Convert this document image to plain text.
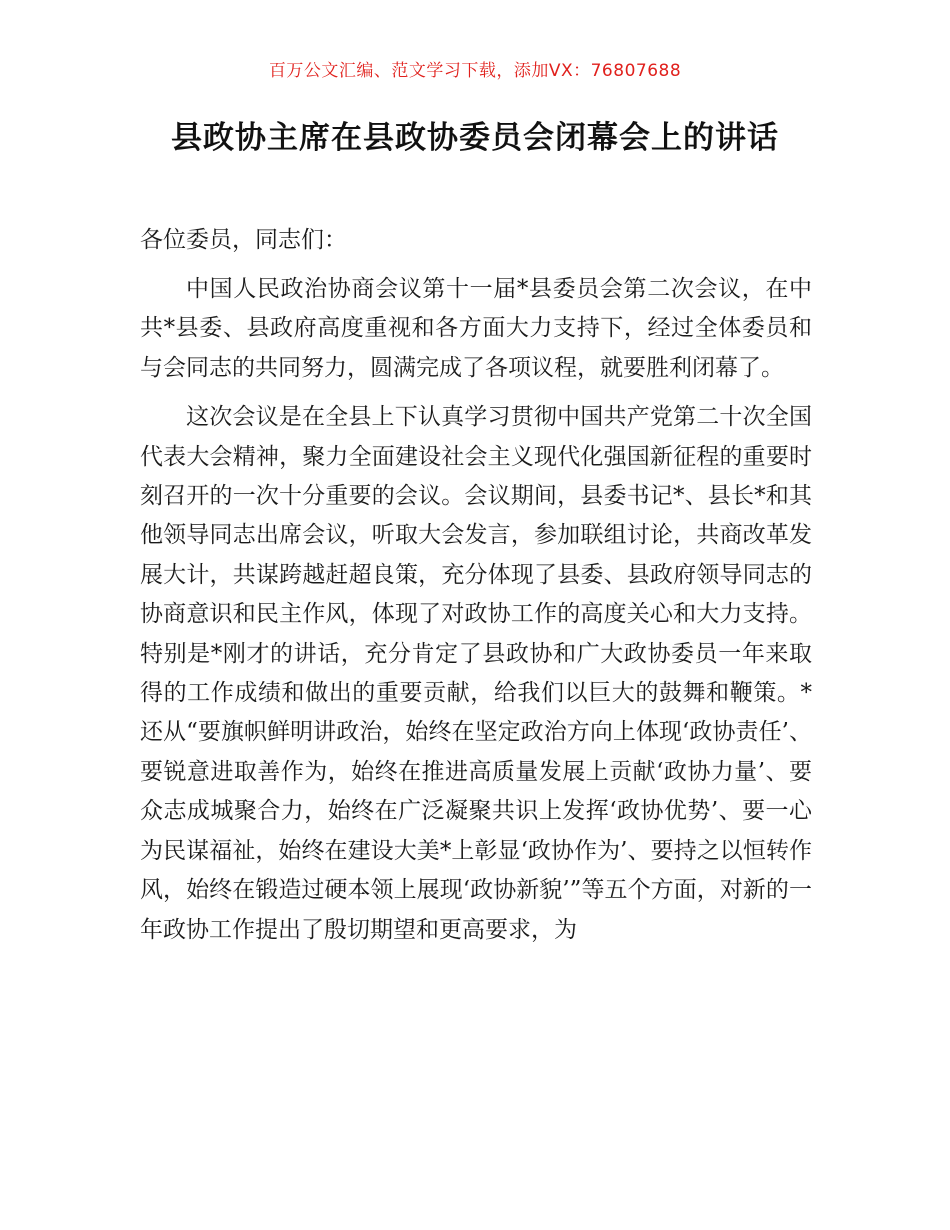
百万公文汇编、范文学习下载，添加VX：76807688
县政协主席在县政协委员会闭幕会上的讲话

各位委员，同志们：

中国人民政治协商会议第十一届*县委员会第二次会议，在中共*县委、县政府高度重视和各方面大力支持下，经过全体委员和与会同志的共同努力，圆满完成了各项议程，就要胜利闭幕了。

这次会议是在全县上下认真学习贯彻中国共产党第二十次全国代表大会精神，聚力全面建设社会主义现代化强国新征程的重要时刻召开的一次十分重要的会议。会议期间，县委书记*、县长*和其他领导同志出席会议，听取大会发言，参加联组讨论，共商改革发展大计，共谋跨越赶超良策，充分体现了县委、县政府领导同志的协商意识和民主作风，体现了对政协工作的高度关心和大力支持。特别是*刚才的讲话，充分肯定了县政协和广大政协委员一年来取得的工作成绩和做出的重要贡献，给我们以巨大的鼓舞和鞭策。*还从“要旗帜鲜明讲政治，始终在坚定政治方向上体现‘政协责任’、要锐意进取善作为，始终在推进高质量发展上贡献‘政协力量’、要众志成城聚合力，始终在广泛凝聚共识上发挥‘政协优势’、要一心为民谋福祉，始终在建设大美*上彰显‘政协作为’、要持之以恒转作风，始终在锻造过硬本领上展现‘政协新貌’”等五个方面，对新的一年政协工作提出了殷切期望和更高要求，为
